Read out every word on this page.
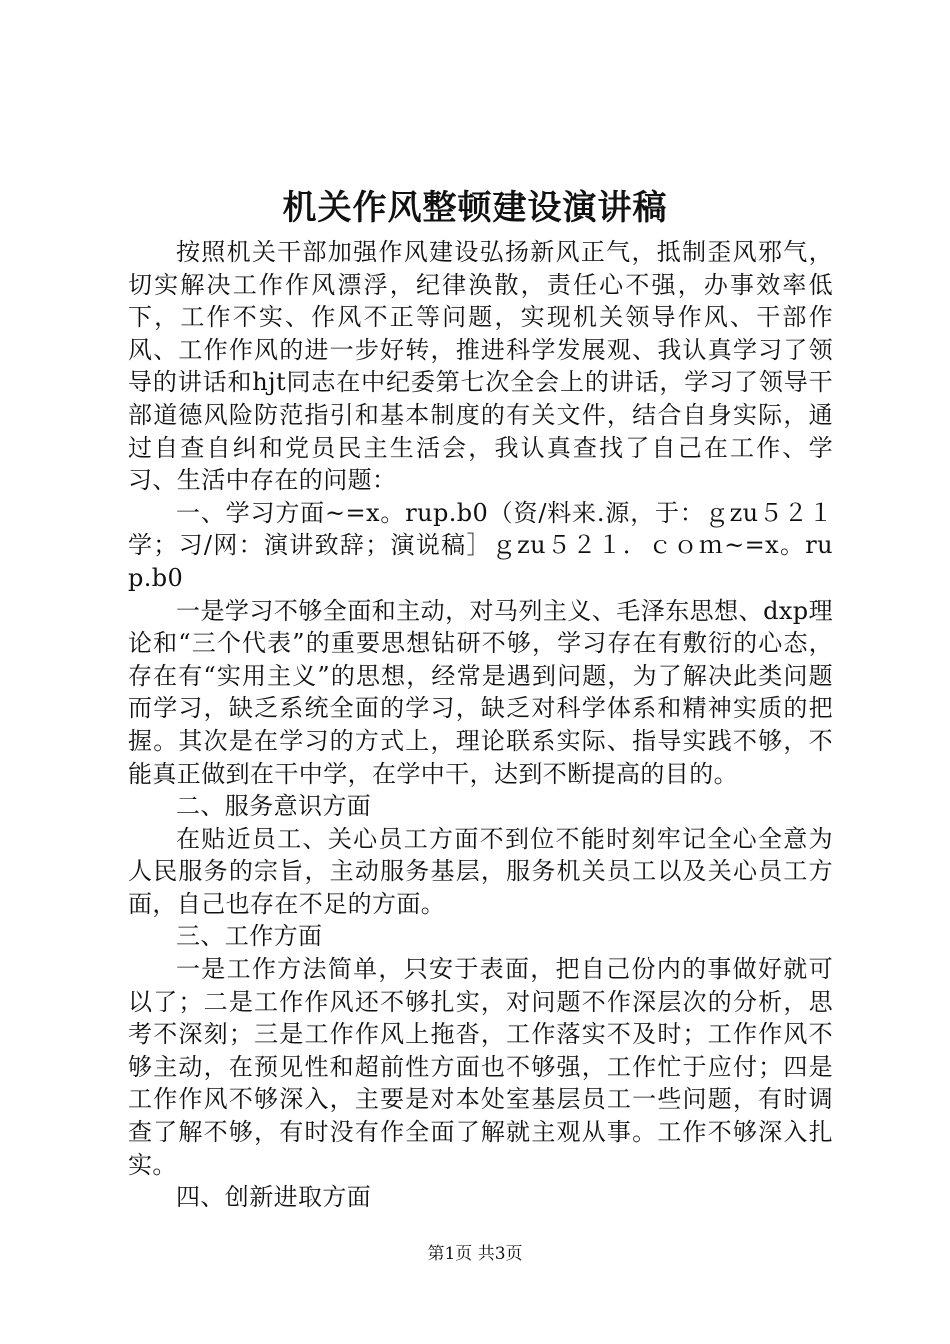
机关作风整顿建设演讲稿

按照机关干部加强作风建设弘扬新风正气，抵制歪风邪气，切实解决工作作风漂浮，纪律涣散，责任心不强，办事效率低下，工作不实、作风不正等问题，实现机关领导作风、干部作风、工作作风的进一步好转，推进科学发展观、我认真学习了领导的讲话和hjt同志在中纪委第七次全会上的讲话，学习了领导干部道德风险防范指引和基本制度的有关文件，结合自身实际，通过自查自纠和党员民主生活会，我认真查找了自己在工作、学习、生活中存在的问题：

一、学习方面~=x。rup.b0（资/料来.源，于：ｇzu５２１学；习/网：演讲致辞；演说稿］ｇzu５２１．ｃｏｍ~=x。rup.b0

一是学习不够全面和主动，对马列主义、毛泽东思想、dxp理论和“三个代表”的重要思想钻研不够，学习存在有敷衍的心态，存在有“实用主义”的思想，经常是遇到问题，为了解决此类问题而学习，缺乏系统全面的学习，缺乏对科学体系和精神实质的把握。其次是在学习的方式上，理论联系实际、指导实践不够，不能真正做到在干中学，在学中干，达到不断提高的目的。

二、服务意识方面

在贴近员工、关心员工方面不到位不能时刻牢记全心全意为人民服务的宗旨，主动服务基层，服务机关员工以及关心员工方面，自己也存在不足的方面。

三、工作方面

一是工作方法简单，只安于表面，把自己份内的事做好就可以了；二是工作作风还不够扎实，对问题不作深层次的分析，思考不深刻；三是工作作风上拖沓，工作落实不及时；工作作风不够主动，在预见性和超前性方面也不够强，工作忙于应付；四是工作作风不够深入，主要是对本处室基层员工一些问题，有时调查了解不够，有时没有作全面了解就主观从事。工作不够深入扎实。

四、创新进取方面

第1页 共3页
